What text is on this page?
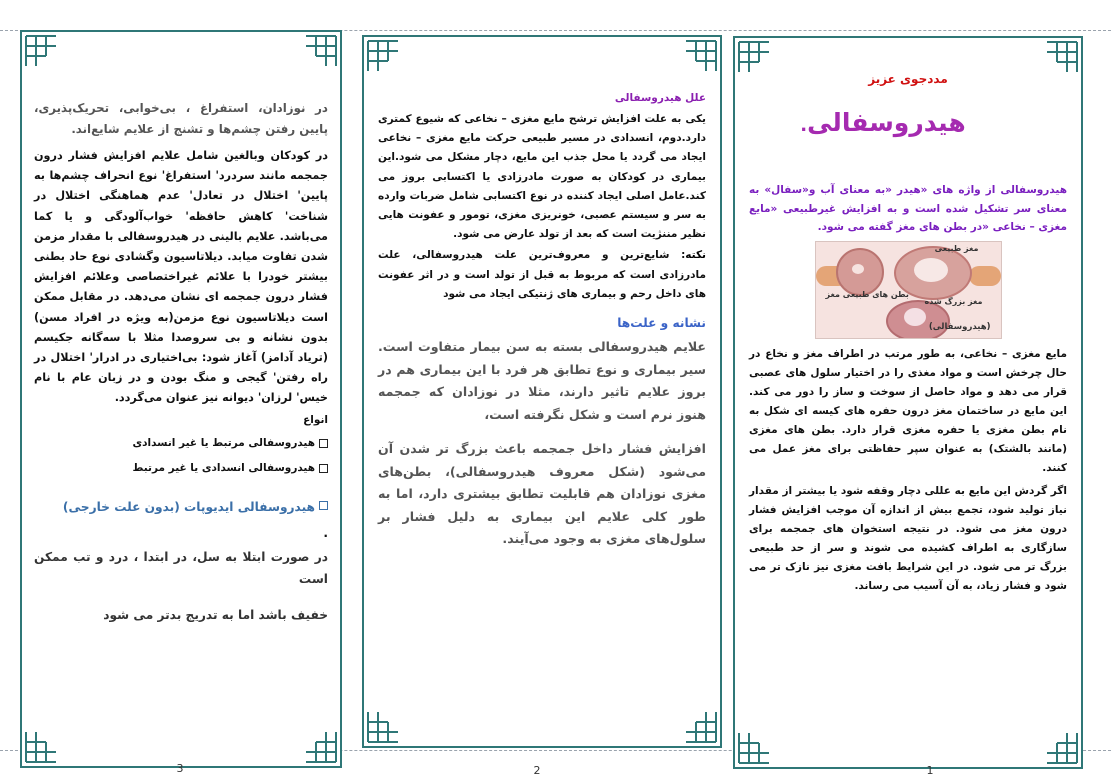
در نوزادان، استفراغ ، بی‌خوابی، تحریک‌پذیری، پایین رفتن چشم‌ها و تشنج از علایم شایع‌اند.

در کودکان وبالغین شامل علایم افزایش فشار درون جمجمه مانند سردرد' استفراغ' نوع انحراف چشم‌ها به پایین' اختلال در تعادل' عدم هماهنگی اختلال در شناخت' کاهش حافظه' خواب‌آلودگی و یا کما می‌باشد. علایم بالینی در هیدروسفالی با مقدار مزمن شدن تفاوت میابد. دیلاتاسیون وگشادی نوع حاد بطنی بیشتر خودرا با علائم غیراختصاصی وعلائم افزایش فشار درون جمجمه ای نشان می‌دهد. در مقابل ممکن است دیلاتاسیون نوع مزمن(به ویژه در افراد مسن) بدون نشانه و بی سروصدا مثلا با سه‌گانه جکیسم (تریاد آدامز) آغاز شود: بی‌اختیاری در ادرار' اختلال در راه رفتن' گیجی و منگ بودن و در زبان عام با نام خیس' لرزان' دیوانه نیز عنوان می‌گردد.

انواع

هیدروسفالی مرتبط یا غیر انسدادی
هیدروسفالی انسدادی یا غیر مرتبط
هیدروسفالی ایدیوپات (بدون علت خارجی)

.

در صورت ابتلا به سل، در ابتدا ، درد و تب ممکن است

خفیف باشد اما به تدریج بدتر می شود

علل هیدروسفالی

یکی به علت افزایش ترشح مایع مغزی – نخاعی که شیوع کمتری دارد.دوم، انسدادی در مسیر طبیعی حرکت مایع مغزی – نخاعی ایجاد می گردد یا محل جذب این مایع، دچار مشکل می شود.این بیماری در کودکان به صورت مادرزادی یا اکتسابی بروز می کند.عامل اصلی ایجاد کننده در نوع اکتسابی شامل ضربات وارده به سر و سیستم عصبی، خونریزی مغزی، تومور و عفونت هایی نظیر مننژیت است که بعد از تولد عارض می شود.

نکته: شایع‌ترین و معروف‌ترین علت هیدروسفالی، علت مادرزادی است که مربوط به قبل از تولد است و در اثر عفونت های داخل رحم و بیماری های ژنتیکی ایجاد می شود

نشانه و علت‌ها

علایم هیدروسفالی بسته به سن بیمار متفاوت است. سیر بیماری و نوع تطابق هر فرد با این بیماری هم در بروز علایم تاثیر دارند، مثلا در نوزادان که جمجمه هنوز نرم است و شکل نگرفته است،

افزایش فشار داخل جمجمه باعث بزرگ تر شدن آن می‌شود (شکل معروف هیدروسفالی)، بطن‌های مغزی نوزادان هم قابلیت تطابق بیشتری دارد، اما به طور کلی علایم این بیماری به دلیل فشار بر سلول‌های مغزی به وجود می‌آیند.

مددجوی عزیز

هیدروسفالی.

هیدروسفالی از واژه های «هیدر «به معنای آب و«سفال» به معنای سر تشکیل شده است و به افزایش غیرطبیعی «مایع مغزی – نخاعی «در بطن های مغز گفته می شود.

مغز طبیعی
بطن های طبیعی مغز
مغز بزرگ شده
(هیدروسفالی)

مایع مغزی – نخاعی، به طور مرتب در اطراف مغز و نخاع در حال چرخش است و مواد مغذی را در اختیار سلول های عصبی قرار می دهد و مواد حاصل از سوخت و ساز را دور می کند. این مایع در ساختمان مغز درون حفره های کیسه ای شکل به نام بطن مغزی یا حفره مغزی قرار دارد. بطن های مغزی (مانند بالشتک) به عنوان سپر حفاظتی برای مغز عمل می کنند.

اگر گردش این مایع به عللی دچار وقفه شود یا بیشتر از مقدار نیاز تولید شود، تجمع بیش از اندازه آن موجب افزایش فشار درون مغز می شود. در نتیجه استخوان های جمجمه برای سازگاری به اطراف کشیده می شوند و سر از حد طبیعی بزرگ تر می شود. در این شرایط بافت مغزی نیز نازک تر می شود و فشار زیاد، به آن آسیب می رساند.

3	2	1
